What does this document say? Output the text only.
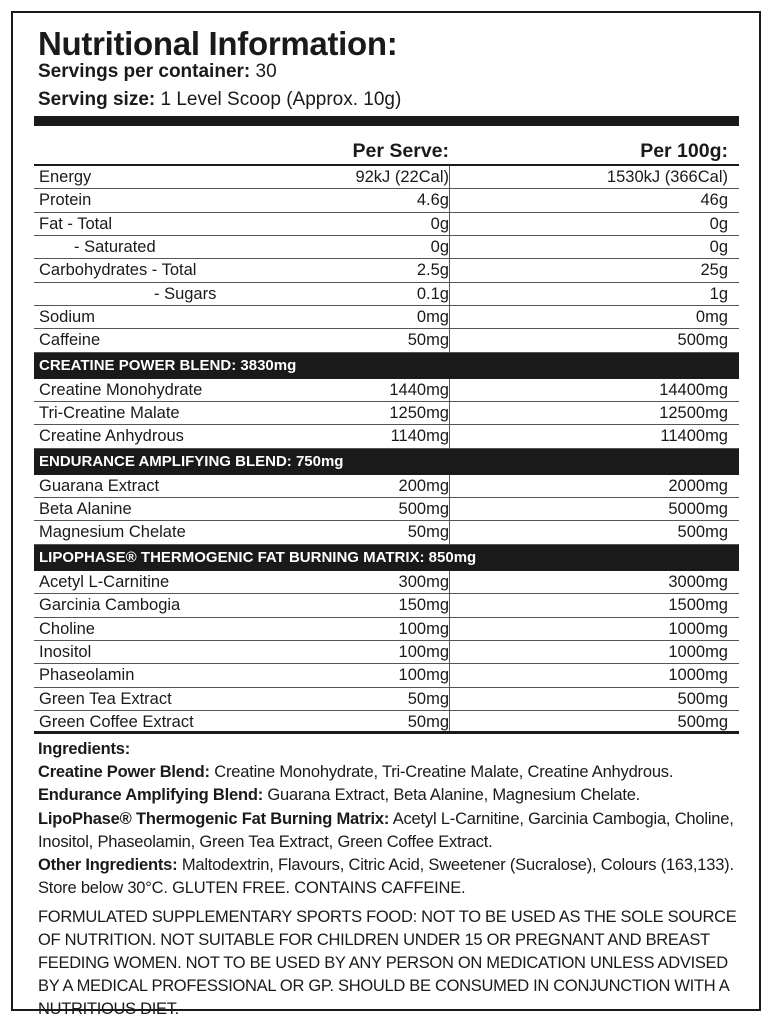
Nutritional Information:
Servings per container: 30
Serving size: 1 Level Scoop (Approx. 10g)
Per Serve:	Per 100g:
Energy	92kJ (22Cal)	1530kJ (366Cal)
Protein	4.6g	46g
Fat - Total	0g	0g
- Saturated	0g	0g
Carbohydrates - Total	2.5g	25g
- Sugars	0.1g	1g
Sodium	0mg	0mg
Caffeine	50mg	500mg
CREATINE POWER BLEND: 3830mg
Creatine Monohydrate	1440mg	14400mg
Tri-Creatine Malate	1250mg	12500mg
Creatine Anhydrous	1140mg	11400mg
ENDURANCE AMPLIFYING BLEND: 750mg
Guarana Extract	200mg	2000mg
Beta Alanine	500mg	5000mg
Magnesium Chelate	50mg	500mg
LIPOPHASE® THERMOGENIC FAT BURNING MATRIX: 850mg
Acetyl L-Carnitine	300mg	3000mg
Garcinia Cambogia	150mg	1500mg
Choline	100mg	1000mg
Inositol	100mg	1000mg
Phaseolamin	100mg	1000mg
Green Tea Extract	50mg	500mg
Green Coffee Extract	50mg	500mg

Ingredients:

Creatine Power Blend: Creatine Monohydrate, Tri-Creatine Malate, Creatine Anhydrous.

Endurance Amplifying Blend: Guarana Extract, Beta Alanine, Magnesium Chelate.

LipoPhase® Thermogenic Fat Burning Matrix: Acetyl L-Carnitine, Garcinia Cambogia, Choline, Inositol, Phaseolamin, Green Tea Extract, Green Coffee Extract.

Other Ingredients: Maltodextrin, Flavours, Citric Acid, Sweetener (Sucralose), Colours (163,133).

Store below 30°C. GLUTEN FREE. CONTAINS CAFFEINE.

FORMULATED SUPPLEMENTARY SPORTS FOOD: NOT TO BE USED AS THE SOLE SOURCE OF NUTRITION. NOT SUITABLE FOR CHILDREN UNDER 15 OR PREGNANT AND BREAST FEEDING WOMEN. NOT TO BE USED BY ANY PERSON ON MEDICATION UNLESS ADVISED BY A MEDICAL PROFESSIONAL OR GP. SHOULD BE CONSUMED IN CONJUNCTION WITH A NUTRITIOUS DIET.
